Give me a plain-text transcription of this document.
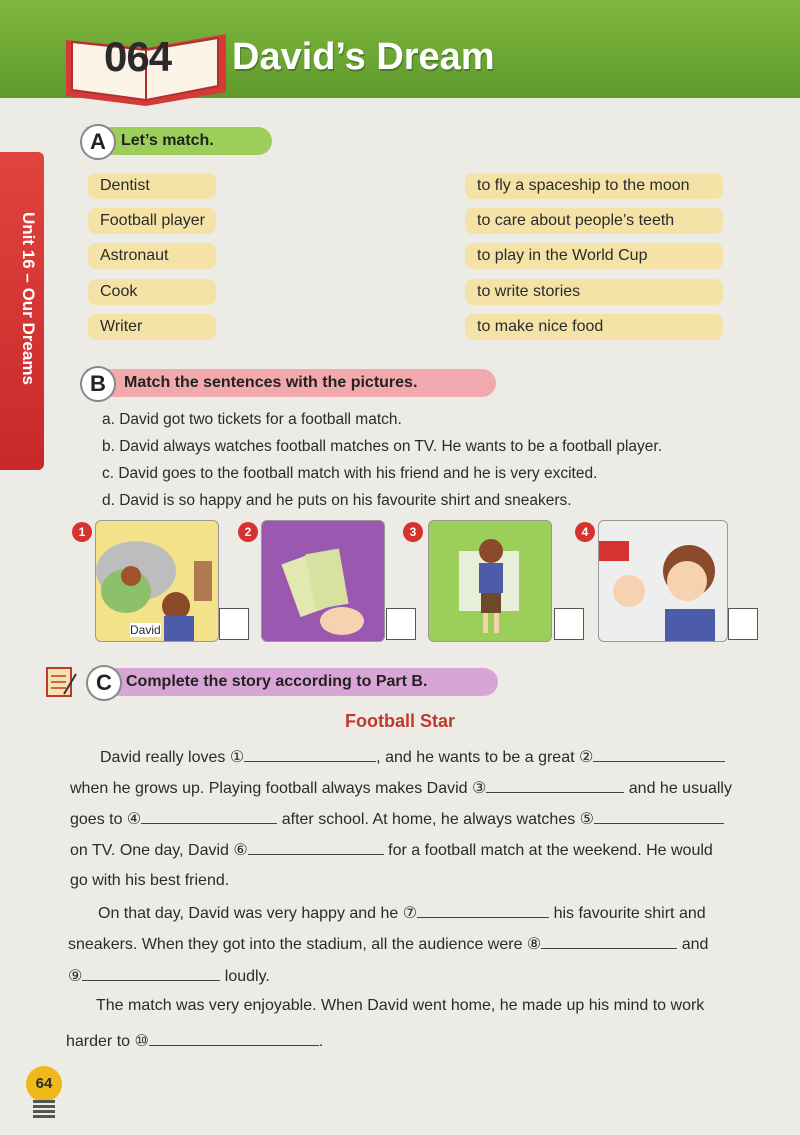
064 David’s Dream
Unit 16 – Our Dreams
A Let’s match.
Dentist
Football player
Astronaut
Cook
Writer
to fly a spaceship to the moon
to care about people’s teeth
to play in the World Cup
to write stories
to make nice food
B	Match the sentences with the pictures.
a. David got two tickets for a football match.
b. David always watches football matches on TV. He wants to be a football player.
c. David goes to the football match with his friend and he is very excited.
d. David is so happy and he puts on his favourite shirt and sneakers.
1
David
2	3	4
C Complete the story according to Part B.
Football Star
David really loves ①	, and he wants to be a great ②
when he grows up. Playing football always makes David ③	and he usually
goes to ④	after school. At home, he always watches ⑤
on TV. One day, David ⑥	for a football match at the weekend. He would
go with his best friend.
On that day, David was very happy and he ⑦	his favourite shirt and
sneakers. When they got into the stadium, all the audience were ⑧	and
⑨	loudly.
The match was very enjoyable. When David went home, he made up his mind to work
harder to ⑩	.
64
